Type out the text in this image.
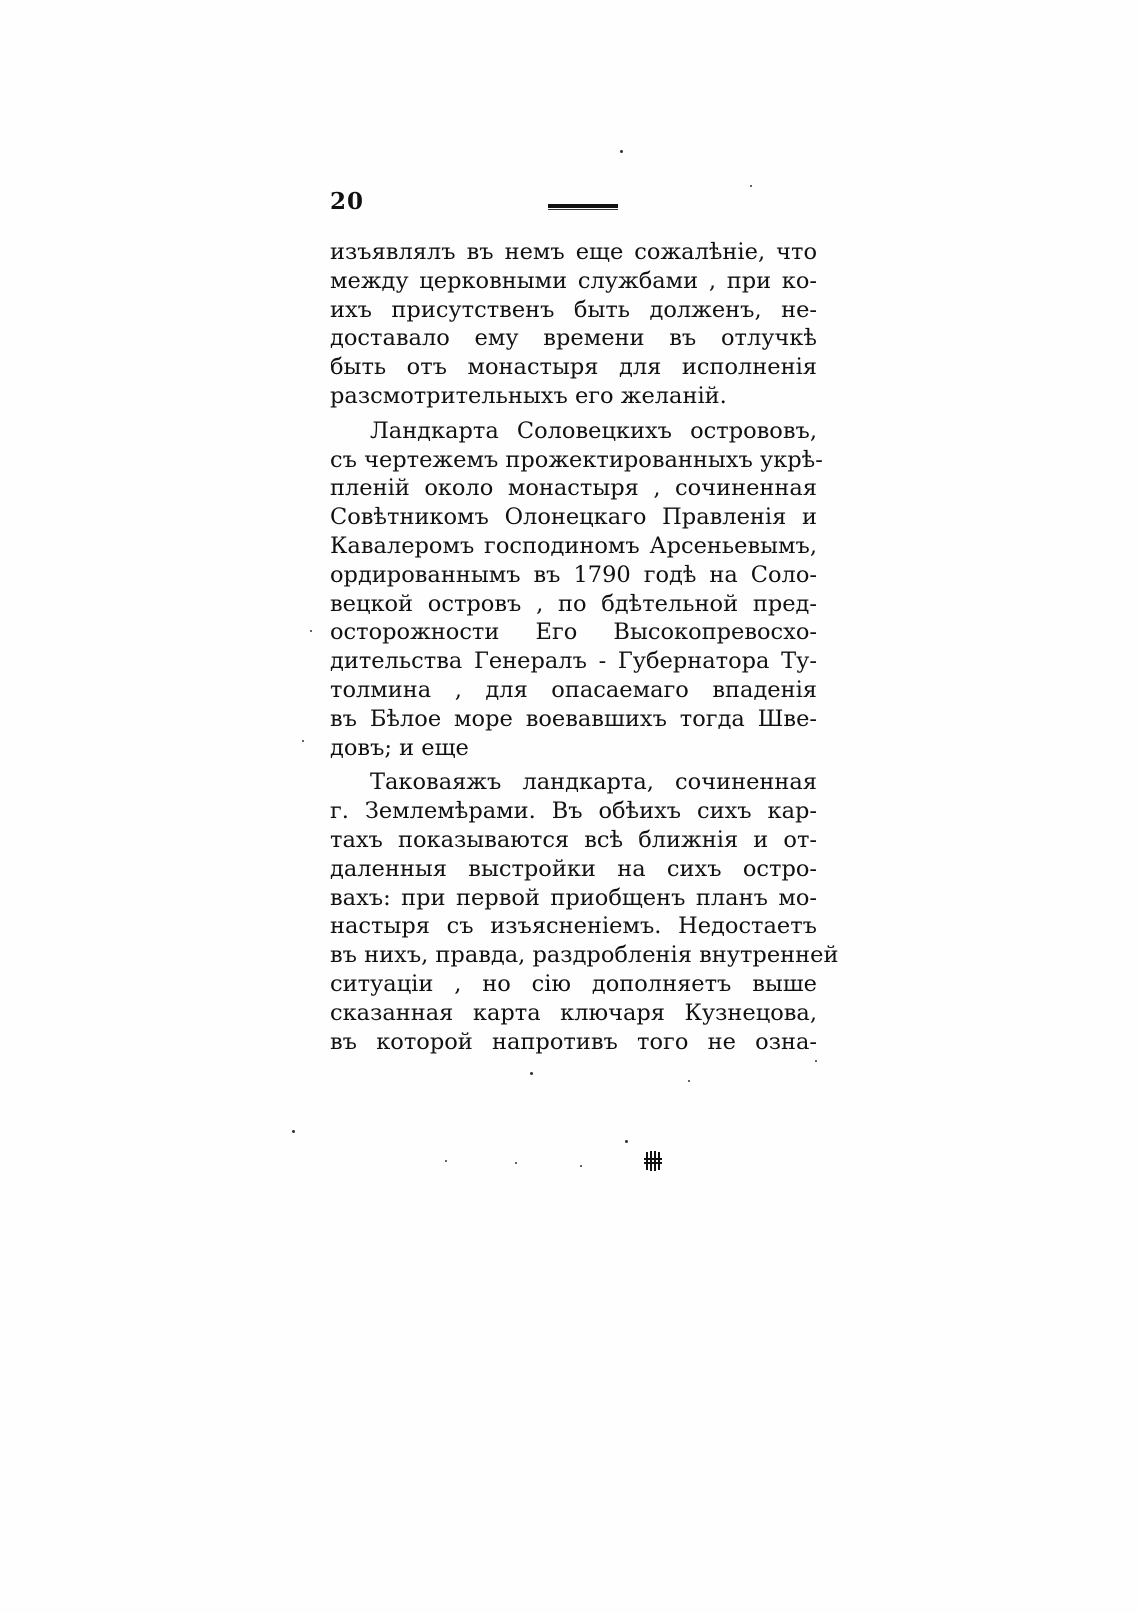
20
изъявлялъ въ немъ еще сожалѣніе, что
между церковными службами , при ко-
ихъ присутственъ быть долженъ, не-
доставало ему времени въ отлучкѣ
быть отъ монастыря для исполненія
разсмотрительныхъ его желаній.
Ландкарта Соловецкихъ острововъ,
съ чертежемъ прожектированныхъ укрѣ-
пленій около монастыря , сочиненная
Совѣтникомъ Олонецкаго Правленія и
Кавалеромъ господиномъ Арсеньевымъ,
ордированнымъ въ 1790 годѣ на Соло-
вецкой островъ , по бдѣтельной пред-
осторожности Его Высокопревосхо-
дительства Генералъ - Губернатора Ту-
толмина , для опасаемаго впаденія
въ Бѣлое море воевавшихъ тогда Шве-
довъ; и еще
Таковаяжъ ландкарта, сочиненная
г. Землемѣрами. Въ обѣихъ сихъ кар-
тахъ показываются всѣ ближнія и от-
даленныя выстройки на сихъ остро-
вахъ: при первой приобщенъ планъ мо-
настыря съ изъясненіемъ. Недостаетъ
въ нихъ, правда, раздробленія внутренней
ситуаціи , но сію дополняетъ выше
сказанная карта ключаря Кузнецова,
въ которой напротивъ того не озна-
